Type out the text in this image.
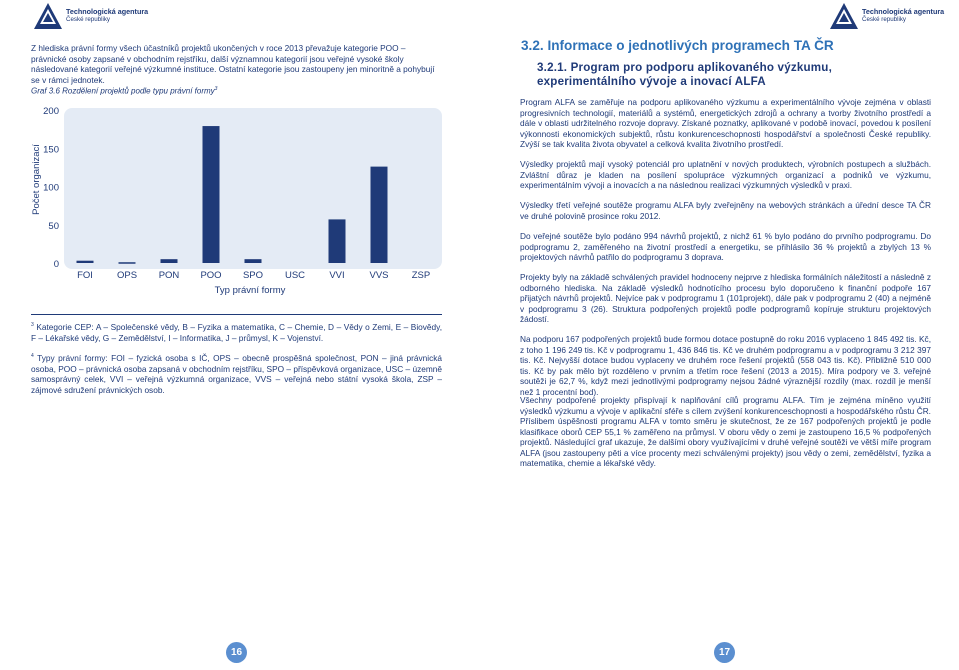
Technologická agentura
České republiky
Z hlediska právní formy všech účastníků projektů ukončených v roce 2013 převažuje kategorie POO – právnické osoby zapsané v obchodním rejstříku, další významnou kategorií jsou veřejné vysoké školy následované kategorií veřejné výzkumné instituce. Ostatní kategorie jsou zastoupeny jen minoritně a pohybují se v rámci jednotek.
Graf 3.6 Rozdělení projektů podle typu právní formy$^3$
0
50
100
150
200
FOI	OPS PON POO SPO USC	VVI	VVS ZSP
Typ právní formy
Počet organizací
$^3$ Kategorie CEP: A – Společenské vědy, B – Fyzika a matematika, C – Chemie, D – Vědy o Zemi, E – Biovědy, F – Lékařské vědy, G – Zemědělství, I – Informatika, J – průmysl, K – Vojenství.
$^4$ Typy právní formy: FOI – fyzická osoba s IČ, OPS – obecně prospěšná společnost, PON – jiná právnická osoba, POO – právnická osoba zapsaná v obchodním rejstříku, SPO – příspěvková organizace, USC – územně samosprávný celek, VVI – veřejná výzkumná organizace, VVS – veřejná nebo státní vysoká škola, ZSP – zájmové sdružení právnických osob.
16
Technologická agentura
České republiky
3.2. Informace o jednotlivých programech TA ČR
3.2.1. Program pro podporu aplikovaného výzkumu, experimentálního vývoje a inovací ALFA
Program ALFA se zaměřuje na podporu aplikovaného výzkumu a experimentálního vývoje zejména v oblasti progresivních technologií, materiálů a systémů, energetických zdrojů a ochrany a tvorby životního prostředí a dále v oblasti udržitelného rozvoje dopravy. Získané poznatky, aplikované v podobě inovací, povedou k posílení výkonnosti ekonomických subjektů, růstu konkurenceschopnosti hospodářství a společnosti České republiky. Zvýší se tak kvalita života obyvatel a celková kvalita životního prostředí.
Výsledky projektů mají vysoký potenciál pro uplatnění v nových produktech, výrobních postupech a službách. Zvláštní důraz je kladen na posílení spolupráce výzkumných organizací a podniků ve výzkumu, experimentálním vývoji a inovacích a na následnou realizaci výzkumných výsledků v praxi.
Výsledky třetí veřejné soutěže programu ALFA byly zveřejněny na webových stránkách a úřední desce TA ČR ve druhé polovině prosince roku 2012.
Do veřejné soutěže bylo podáno 994 návrhů projektů, z nichž 61 % bylo podáno do prvního podprogramu. Do podprogramu 2, zaměřeného na životní prostředí a energetiku, se přihlásilo 36 % projektů a zbylých 13 % projektových návrhů patřilo do podprogramu 3 doprava.
Projekty byly na základě schválených pravidel hodnoceny nejprve z hlediska formálních náležitostí a následně z odborného hlediska. Na základě výsledků hodnotícího procesu bylo doporučeno k finanční podpoře 167 přijatých návrhů projektů. Nejvíce pak v podprogramu 1 (101projekt), dále pak v podprogramu 2 (40) a nejméně v podprogramu 3 (26). Struktura podpořených projektů podle podprogramů kopíruje strukturu projektových žádostí.
Na podporu 167 podpořených projektů bude formou dotace postupně do roku 2016 vyplaceno 1 845 492 tis. Kč, z toho 1 196 249 tis. Kč v podprogramu 1, 436 846 tis. Kč ve druhém podprogramu a v podprogramu 3 212 397 tis. Kč. Nejvyšší dotace budou vyplaceny ve druhém roce řešení projektů (558 043 tis. Kč). Přibližně 510 000 tis. Kč by pak mělo být rozděleno v prvním a třetím roce řešení (2013 a 2015). Míra podpory ve 3. veřejné soutěži je 62,7 %, když mezi jednotlivými podprogramy nejsou žádné výraznější rozdíly (max. rozdíl je menší než 1 procentní bod).
Všechny podpořené projekty přispívají k naplňování cílů programu ALFA. Tím je zejména míněno využití výsledků výzkumu a vývoje v aplikační sféře s cílem zvýšení konkurenceschopnosti a hospodářského růstu ČR. Příslibem úspěšnosti programu ALFA v tomto směru je skutečnost, že ze 167 podpořených projektů je podle klasifikace oborů CEP 55,1 % zaměřeno na průmysl. V oboru vědy o zemi je zastoupeno 16,5 % podpořených projektů. Následující graf ukazuje, že dalšími obory využívajícími v druhé veřejné soutěži ve větší míře program ALFA (jsou zastoupeny pěti a více procenty mezi schválenými projekty) jsou vědy o zemi, zemědělství, fyzika a matematika, chemie a lékařské vědy.
17
